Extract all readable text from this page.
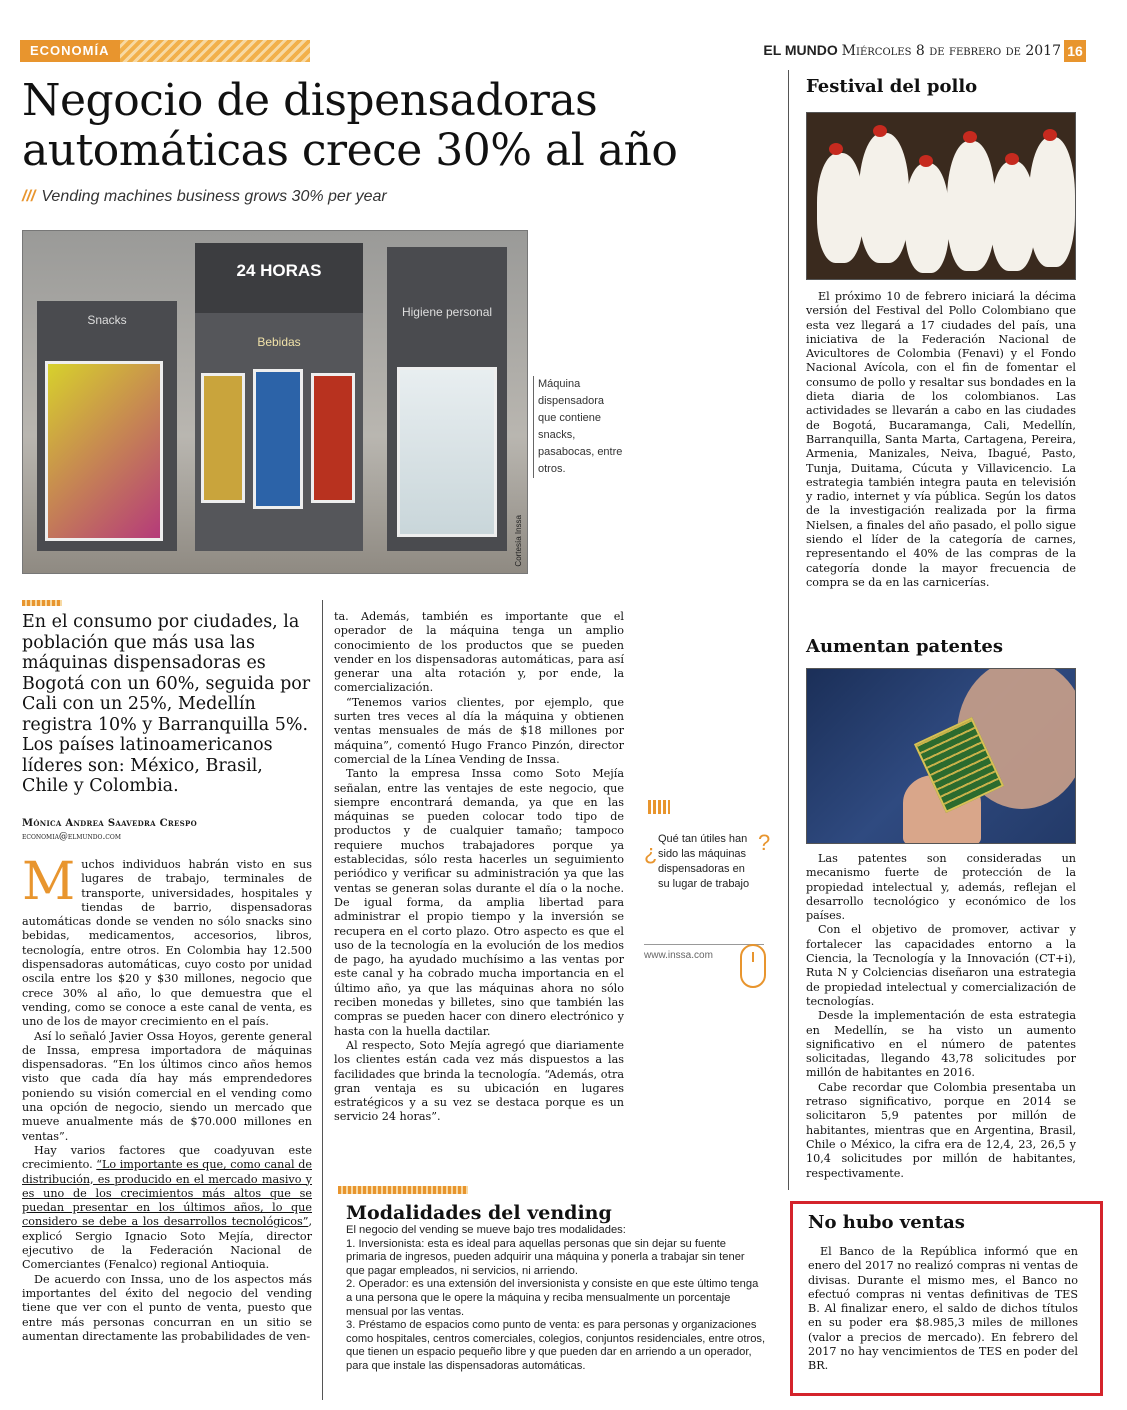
ECONOMÍA	EL MUNDO Miércoles 8 de febrero de 2017 16
Negocio de dispensadoras
automáticas crece 30% al año
/// Vending machines business grows 30% per year
Snacks
24 HORAS
Bebidas
Higiene personal
Cortesía Inssa
Máquina dispensadora que contiene snacks, pasabocas, entre otros.
En el consumo por ciudades, la población que más usa las máquinas dispensadoras es Bogotá con un 60%, seguida por Cali con un 25%, Medellín registra 10% y Barranquilla 5%. Los países latinoamericanos líderes son: México, Brasil, Chile y Colombia.
Mónica Andrea Saavedra Crespo
economia@elmundo.com

Muchos individuos habrán visto en sus lugares de trabajo, terminales de transporte, universidades, hospitales y tiendas de barrio, dispensadoras automáticas donde se venden no sólo snacks sino bebidas, medicamentos, accesorios, libros, tecnología, entre otros. En Colombia hay 12.500 dispensadoras automáticas, cuyo costo por unidad oscila entre los $20 y $30 millones, negocio que crece 30% al año, lo que demuestra que el vending, como se conoce a este canal de venta, es uno de los de mayor crecimiento en el país.

Así lo señaló Javier Ossa Hoyos, gerente general de Inssa, empresa importadora de máquinas dispensadoras. “En los últimos cinco años hemos visto que cada día hay más emprendedores poniendo su visión comercial en el vending como una opción de negocio, siendo un mercado que mueve anualmente más de $70.000 millones en ventas”.

Hay varios factores que coadyuvan este crecimiento. “Lo importante es que, como canal de distribución, es producido en el mercado masivo y es uno de los crecimientos más altos que se puedan presentar en los últimos años, lo que considero se debe a los desarrollos tecnológicos”, explicó Sergio Ignacio Soto Mejía, director ejecutivo de la Federación Nacional de Comerciantes (Fenalco) regional Antioquia.

De acuerdo con Inssa, uno de los aspectos más importantes del éxito del negocio del vending tiene que ver con el punto de venta, puesto que entre más personas concurran en un sitio se aumentan directamente las probabilidades de ven-

ta. Además, también es importante que el operador de la máquina tenga un amplio conocimiento de los productos que se pueden vender en los dispensadoras automáticas, para así generar una alta rotación y, por ende, la comercialización.

“Tenemos varios clientes, por ejemplo, que surten tres veces al día la máquina y obtienen ventas mensuales de más de $18 millones por máquina”, comentó Hugo Franco Pinzón, director comercial de la Línea Vending de Inssa.

Tanto la empresa Inssa como Soto Mejía señalan, entre las ventajes de este negocio, que siempre encontrará demanda, ya que en las máquinas se pueden colocar todo tipo de productos y de cualquier tamaño; tampoco requiere muchos trabajadores porque ya establecidas, sólo resta hacerles un seguimiento periódico y verificar su administración ya que las ventas se generan solas durante el día o la noche. De igual forma, da amplia libertad para administrar el propio tiempo y la inversión se recupera en el corto plazo. Otro aspecto es que el uso de la tecnología en la evolución de los medios de pago, ha ayudado muchísimo a las ventas por este canal y ha cobrado mucha importancia en el último año, ya que las máquinas ahora no sólo reciben monedas y billetes, sino que también las compras se pueden hacer con dinero electrónico y hasta con la huella dactilar.

Al respecto, Soto Mejía agregó que diariamente los clientes están cada vez más dispuestos a las facilidades que brinda la tecnología. “Además, otra gran ventaja es su ubicación en lugares estratégicos y a su vez se destaca porque es un servicio 24 horas”.

¿
Qué tan útiles han sido las máquinas dispensadoras en su lugar de trabajo
?
www.inssa.com
Modalidades del vending
El negocio del vending se mueve bajo tres modalidades:
1. Inversionista: esta es ideal para aquellas personas que sin dejar su fuente primaria de ingresos, pueden adquirir una máquina y ponerla a trabajar sin tener que pagar empleados, ni servicios, ni arriendo.
2. Operador: es una extensión del inversionista y consiste en que este último tenga a una persona que le opere la máquina y reciba mensualmente un porcentaje mensual por las ventas.
3. Préstamo de espacios como punto de venta: es para personas y organizaciones como hospitales, centros comerciales, colegios, conjuntos residenciales, entre otros, que tienen un espacio pequeño libre y que pueden dar en arriendo a un operador, para que instale las dispensadoras automáticas.
Festival del pollo

El próximo 10 de febrero iniciará la décima versión del Festival del Pollo Colombiano que esta vez llegará a 17 ciudades del país, una iniciativa de la Federación Nacional de Avicultores de Colombia (Fenavi) y el Fondo Nacional Avícola, con el fin de fomentar el consumo de pollo y resaltar sus bondades en la dieta diaria de los colombianos. Las actividades se llevarán a cabo en las ciudades de Bogotá, Bucaramanga, Cali, Medellín, Barranquilla, Santa Marta, Cartagena, Pereira, Armenia, Manizales, Neiva, Ibagué, Pasto, Tunja, Duitama, Cúcuta y Villavicencio. La estrategia también integra pauta en televisión y radio, internet y vía pública. Según los datos de la investigación realizada por la firma Nielsen, a finales del año pasado, el pollo sigue siendo el líder de la categoría de carnes, representando el 40% de las compras de la categoría donde la mayor frecuencia de compra se da en las carnicerías.

Aumentan patentes

Las patentes son consideradas un mecanismo fuerte de protección de la propiedad intelectual y, además, reflejan el desarrollo tecnológico y económico de los países.

Con el objetivo de promover, activar y fortalecer las capacidades entorno a la Ciencia, la Tecnología y la Innovación (CT+i), Ruta N y Colciencias diseñaron una estrategia de propiedad intelectual y comercialización de tecnologías.

Desde la implementación de esta estrategia en Medellín, se ha visto un aumento significativo en el número de patentes solicitadas, llegando 43,78 solicitudes por millón de habitantes en 2016.

Cabe recordar que Colombia presentaba un retraso significativo, porque en 2014 se solicitaron 5,9 patentes por millón de habitantes, mientras que en Argentina, Brasil, Chile o México, la cifra era de 12,4, 23, 26,5 y 10,4 solicitudes por millón de habitantes, respectivamente.

No hubo ventas

El Banco de la República informó que en enero del 2017 no realizó compras ni ventas de divisas. Durante el mismo mes, el Banco no efectuó compras ni ventas definitivas de TES B. Al finalizar enero, el saldo de dichos títulos en su poder era $8.985,3 miles de millones (valor a precios de mercado). En febrero del 2017 no hay vencimientos de TES en poder del BR.
